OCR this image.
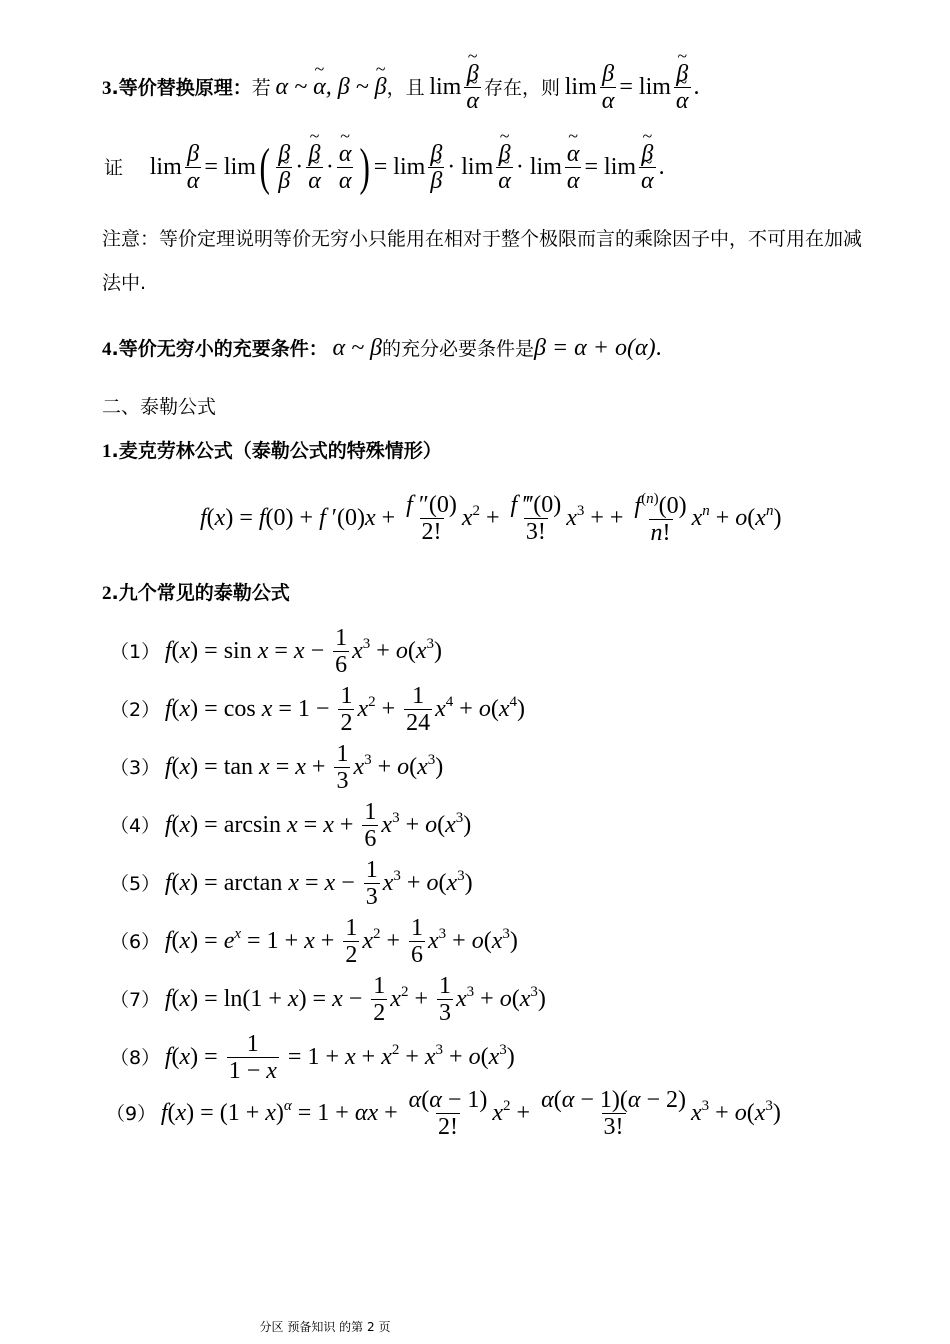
3.等价替换原理：若 α ~ ~ α, β ~ ~ β，且 lim ~ β
~ α 存在，则 $\lim \frac{\beta}{\alpha} = \lim$ ~ β
~ α .
证 $\lim \frac{\beta}{\alpha} = \lim$( β
~ β · ~ β
~ α · ~ $\frac{\alpha}{\alpha}$ ) = lim β
~ β · lim ~ β
~ α · lim ~ $\frac{\alpha}{\alpha} = \lim$ ~ β
~ α .
注意：等价定理说明等价无穷小只能用在相对于整个极限而言的乘除因子中，不可用在加减
法中.
4.等价无穷小的充要条件： α ~ β的充分必要条件是β = α + o(α).
二、泰勒公式
1.麦克劳林公式（泰勒公式的特殊情形）
f(x) = f(0) + f $'(0)x + \frac{f ''(0)}{2!} x^2 + \frac{f ‴(0)}{3!} x^3$ + + $\frac{f^{(n)}(0)}{n!} x^n + o(x^n)$
2.九个常见的泰勒公式
（1） $f(x) = \sin x = x - \frac{1}{6} x^3 + o(x^3)$
（2） $f(x) = \cos x = 1 - \frac{1}{2} x^2 + \frac{1}{24} x^4 + o(x^4)$
（3） $f(x) = \tan x = x + \frac{1}{3} x^3 + o(x^3)$
（4） $f(x) = \arcsin x = x + \frac{1}{6} x^3 + o(x^3)$
（5） $f(x) = \arctan x = x - \frac{1}{3} x^3 + o(x^3)$
（6） $f(x) = e^x = 1 + x + \frac{1}{2} x^2 + \frac{1}{6} x^3 + o(x^3)$
（7） $f(x) = \ln(1 + x) = x - \frac{1}{2} x^2 + \frac{1}{3} x^3 + o(x^3)$
（8） $f(x) = \frac{1}{1 - x} = 1 + x + x^2 + x^3 + o(x^3)$
（9） $f(x) = (1 + x)^\alpha = 1 + \alpha x + \frac{\alpha(\alpha - 1)}{2!} x^2 + \frac{\alpha(\alpha - 1)(\alpha - 2)}{3!} x^3 + o(x^3)$
分区 预备知识 的第 2 页
